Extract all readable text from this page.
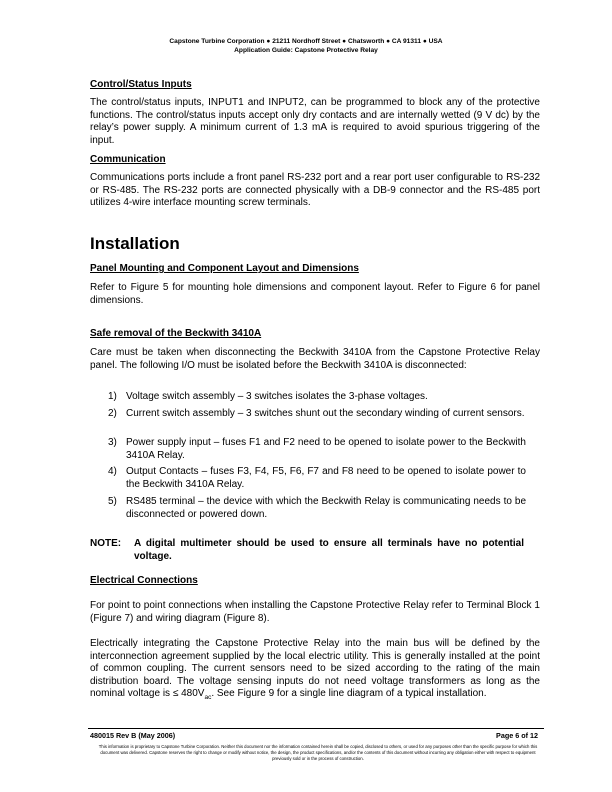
Capstone Turbine Corporation ● 21211 Nordhoff Street ● Chatsworth ● CA 91311 ● USA
Application Guide: Capstone Protective Relay
Control/Status Inputs
The control/status inputs, INPUT1 and INPUT2, can be programmed to block any of the protective functions. The control/status inputs accept only dry contacts and are internally wetted (9 V dc) by the relay’s power supply. A minimum current of 1.3 mA is required to avoid spurious triggering of the input.
Communication
Communications ports include a front panel RS-232 port and a rear port user configurable to RS-232 or RS-485. The RS-232 ports are connected physically with a DB-9 connector and the RS-485 port utilizes 4-wire interface mounting screw terminals.
Installation
Panel Mounting and Component Layout and Dimensions
Refer to Figure 5 for mounting hole dimensions and component layout. Refer to Figure 6 for panel dimensions.
Safe removal of the Beckwith 3410A
Care must be taken when disconnecting the Beckwith 3410A from the Capstone Protective Relay panel. The following I/O must be isolated before the Beckwith 3410A is disconnected:
1) Voltage switch assembly – 3 switches isolates the 3-phase voltages.
2) Current switch assembly – 3 switches shunt out the secondary winding of current sensors.
3) Power supply input – fuses F1 and F2 need to be opened to isolate power to the Beckwith 3410A Relay.
4) Output Contacts – fuses F3, F4, F5, F6, F7 and F8 need to be opened to isolate power to the Beckwith 3410A Relay.
5) RS485 terminal – the device with which the Beckwith Relay is communicating needs to be disconnected or powered down.
NOTE: A digital multimeter should be used to ensure all terminals have no potential voltage.
Electrical Connections
For point to point connections when installing the Capstone Protective Relay refer to Terminal Block 1 (Figure 7) and wiring diagram (Figure 8).
Electrically integrating the Capstone Protective Relay into the main bus will be defined by the interconnection agreement supplied by the local electric utility. This is generally installed at the point of common coupling. The current sensors need to be sized according to the rating of the main distribution board. The voltage sensing inputs do not need voltage transformers as long as the nominal voltage is ≤ $480V_{ac}$. See Figure 9 for a single line diagram of a typical installation.
480015 Rev B (May 2006)	Page 6 of 12
This information is proprietary to Capstone Turbine Corporation. Neither this document nor the information contained herein shall be copied, disclosed to others, or used for any purposes other than the specific purpose for which this document was delivered. Capstone reserves the right to change or modify without notice, the design, the product specifications, and/or the contents of this document without incurring any obligation either with respect to equipment previously sold or in the process of construction.
